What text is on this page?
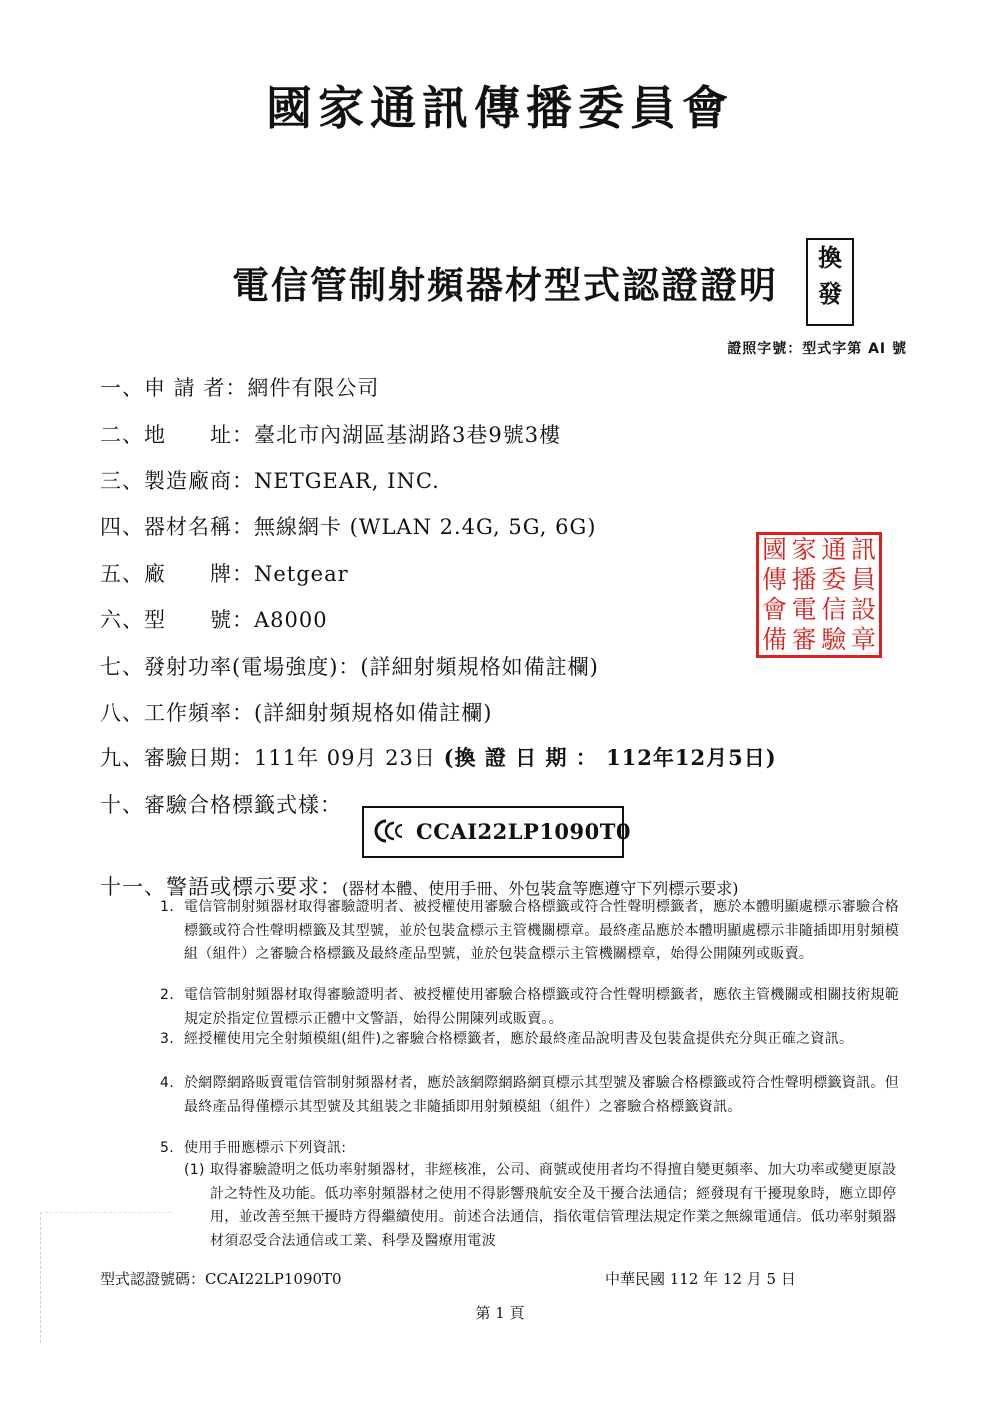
國家通訊傳播委員會
電信管制射頻器材型式認證證明
換
發
證照字號：型式字第 AI 號
一、申 請 者：網件有限公司
二、地　　址：臺北市內湖區基湖路3巷9號3樓
三、製造廠商：NETGEAR, INC.
四、器材名稱：無線網卡 (WLAN 2.4G, 5G, 6G)
五、廠　　牌：Netgear
六、型　　號：A8000
七、發射功率(電場強度)：(詳細射頻規格如備註欄)
八、工作頻率：(詳細射頻規格如備註欄)
九、審驗日期：111年 09月 23日 (換 證 日 期 ： 112年12月5日)
十、審驗合格標籤式樣：
CCAI22LP1090T0
十一、警語或標示要求：(器材本體、使用手冊、外包裝盒等應遵守下列標示要求)
1. 電信管制射頻器材取得審驗證明者、被授權使用審驗合格標籤或符合性聲明標籤者，應於本體明顯處標示審驗合格標籤或符合性聲明標籤及其型號，並於包裝盒標示主管機關標章。最終產品應於本體明顯處標示非隨插即用射頻模組（組件）之審驗合格標籤及最終產品型號，並於包裝盒標示主管機關標章，始得公開陳列或販賣。
2. 電信管制射頻器材取得審驗證明者、被授權使用審驗合格標籤或符合性聲明標籤者，應依主管機關或相關技術規範規定於指定位置標示正體中文警語，始得公開陳列或販賣。。
3. 經授權使用完全射頻模組(組件)之審驗合格標籤者，應於最終產品說明書及包裝盒提供充分與正確之資訊。
4. 於網際網路販賣電信管制射頻器材者，應於該網際網路網頁標示其型號及審驗合格標籤或符合性聲明標籤資訊。但最終產品得僅標示其型號及其組裝之非隨插即用射頻模組（組件）之審驗合格標籤資訊。
5. 使用手冊應標示下列資訊:
(1) 取得審驗證明之低功率射頻器材，非經核准，公司、商號或使用者均不得擅自變更頻率、加大功率或變更原設計之特性及功能。低功率射頻器材之使用不得影響飛航安全及干擾合法通信；經發現有干擾現象時，應立即停用，並改善至無干擾時方得繼續使用。前述合法通信，指依電信管理法規定作業之無線電通信。低功率射頻器材須忍受合法通信或工業、科學及醫療用電波
國 家 通 訊
傳 播 委 員
會 電 信 設
備 審 驗 章
型式認證號碼：CCAI22LP1090T0	中華民國 112 年 12 月 5 日
第 1 頁
